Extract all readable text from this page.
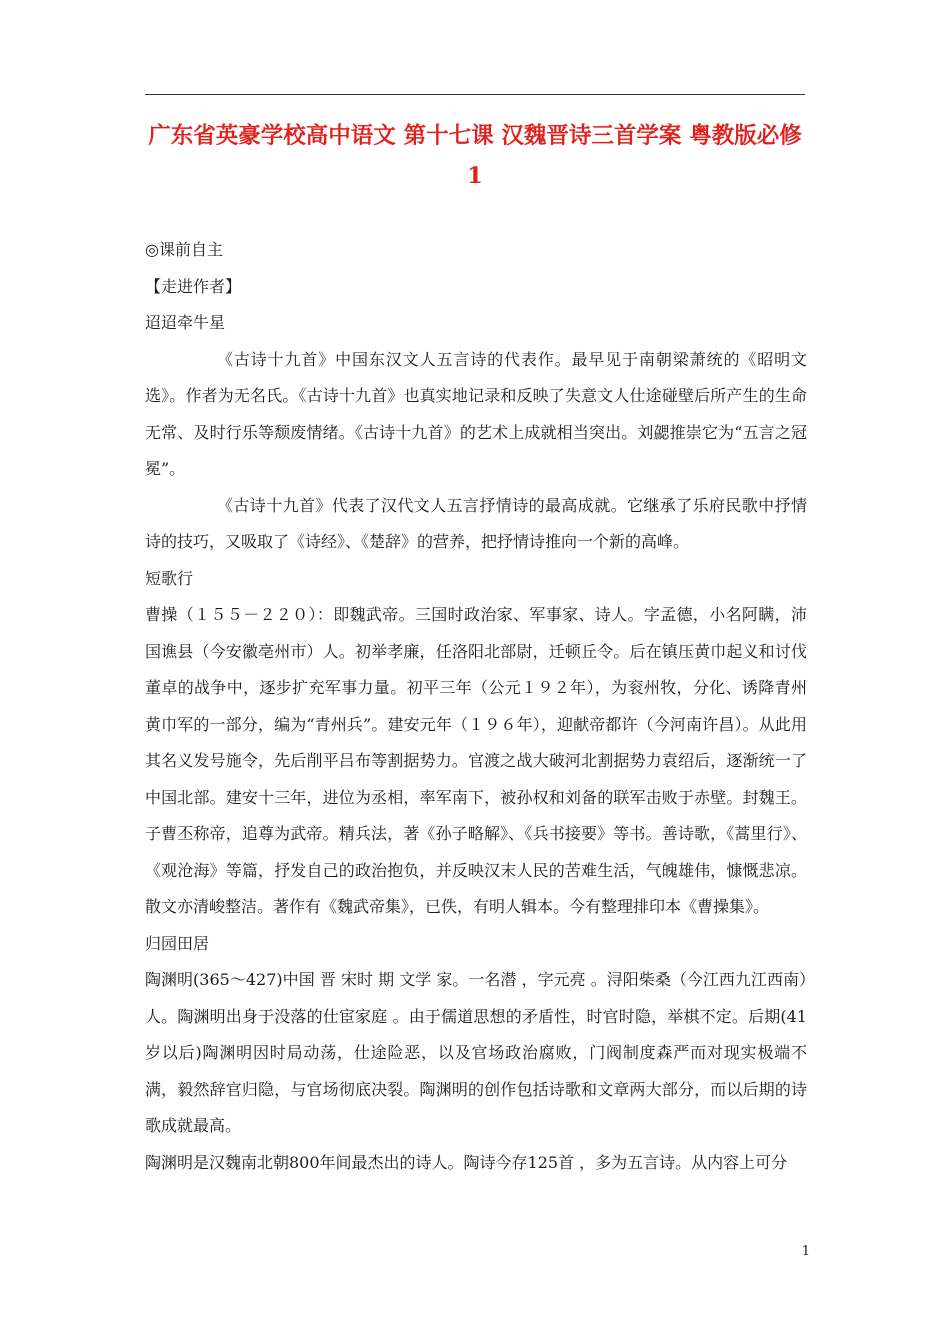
广东省英豪学校高中语文 第十七课 汉魏晋诗三首学案 粤教版必修1

◎课前自主

【走进作者】

迢迢牵牛星

《古诗十九首》中国东汉文人五言诗的代表作。最早见于南朝梁萧统的《昭明文选》。作者为无名氏。《古诗十九首》也真实地记录和反映了失意文人仕途碰壁后所产生的生命无常、及时行乐等颓废情绪。《古诗十九首》的艺术上成就相当突出。刘勰推崇它为“五言之冠冕”。

《古诗十九首》代表了汉代文人五言抒情诗的最高成就。它继承了乐府民歌中抒情诗的技巧，又吸取了《诗经》、《楚辞》的营养，把抒情诗推向一个新的高峰。

短歌行

曹操（１５５－２２０）：即魏武帝。三国时政治家、军事家、诗人。字孟德，小名阿瞒，沛国谯县（今安徽亳州市）人。初举孝廉，任洛阳北部尉，迁顿丘令。后在镇压黄巾起义和讨伐董卓的战争中，逐步扩充军事力量。初平三年（公元１９２年），为衮州牧，分化、诱降青州黄巾军的一部分，编为“青州兵”。建安元年（１９６年），迎献帝都许（今河南许昌）。从此用其名义发号施令，先后削平吕布等割据势力。官渡之战大破河北割据势力袁绍后，逐渐统一了中国北部。建安十三年，进位为丞相，率军南下，被孙权和刘备的联军击败于赤壁。封魏王。子曹丕称帝，追尊为武帝。精兵法，著《孙子略解》、《兵书接要》等书。善诗歌，《蒿里行》、《观沧海》等篇，抒发自己的政治抱负，并反映汉末人民的苦难生活，气魄雄伟，慷慨悲凉。散文亦清峻整洁。著作有《魏武帝集》，已佚，有明人辑本。今有整理排印本《曹操集》。

归园田居

陶渊明(365～427)中国 晋 宋时 期 文学 家。一名潜 ，字元亮 。浔阳柴桑（今江西九江西南）人。陶渊明出身于没落的仕宦家庭 。由于儒道思想的矛盾性，时官时隐，举棋不定。后期(41岁以后)陶渊明因时局动荡，仕途险恶，以及官场政治腐败，门阀制度森严而对现实极端不满，毅然辞官归隐，与官场彻底决裂。陶渊明的创作包括诗歌和文章两大部分，而以后期的诗歌成就最高。

陶渊明是汉魏南北朝800年间最杰出的诗人。陶诗今存125首 ，多为五言诗。从内容上可分

1
